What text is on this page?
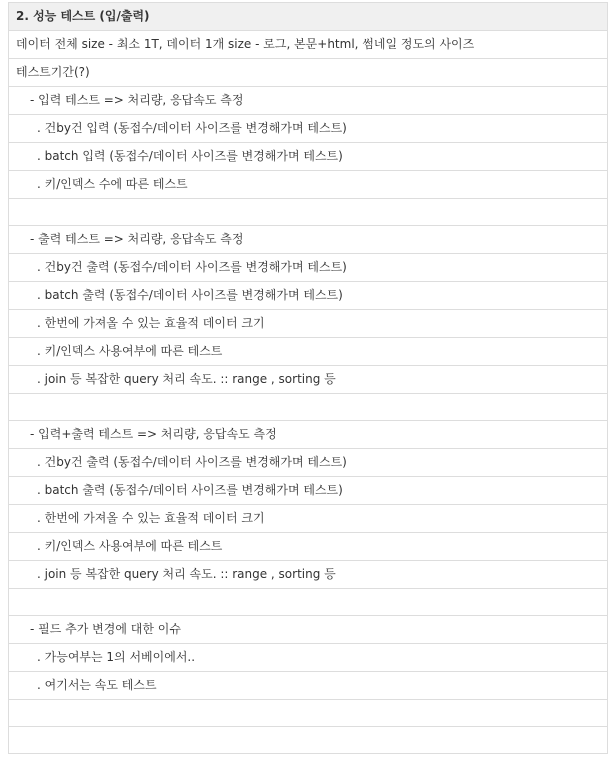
2. 성능 테스트 (입/출력)
데이터 전체 size - 최소 1T, 데이터 1개 size - 로그, 본문+html, 썸네일 정도의 사이즈
테스트기간(?)
- 입력 테스트 => 처리량, 응답속도 측정
. 건by건 입력 (동접수/데이터 사이즈를 변경해가며 테스트)
. batch 입력 (동접수/데이터 사이즈를 변경해가며 테스트)
. 키/인덱스 수에 따른 테스트

- 출력 테스트 => 처리량, 응답속도 측정
. 건by건 출력 (동접수/데이터 사이즈를 변경해가며 테스트)
. batch 출력 (동접수/데이터 사이즈를 변경해가며 테스트)
. 한번에 가져올 수 있는 효율적 데이터 크기
. 키/인덱스 사용여부에 따른 테스트
. join 등 복잡한 query 처리 속도. :: range , sorting 등

- 입력+출력 테스트 => 처리량, 응답속도 측정
. 건by건 출력 (동접수/데이터 사이즈를 변경해가며 테스트)
. batch 출력 (동접수/데이터 사이즈를 변경해가며 테스트)
. 한번에 가져올 수 있는 효율적 데이터 크기
. 키/인덱스 사용여부에 따른 테스트
. join 등 복잡한 query 처리 속도. :: range , sorting 등

- 필드 추가 변경에 대한 이슈
. 가능여부는 1의 서베이에서..
. 여기서는 속도 테스트
